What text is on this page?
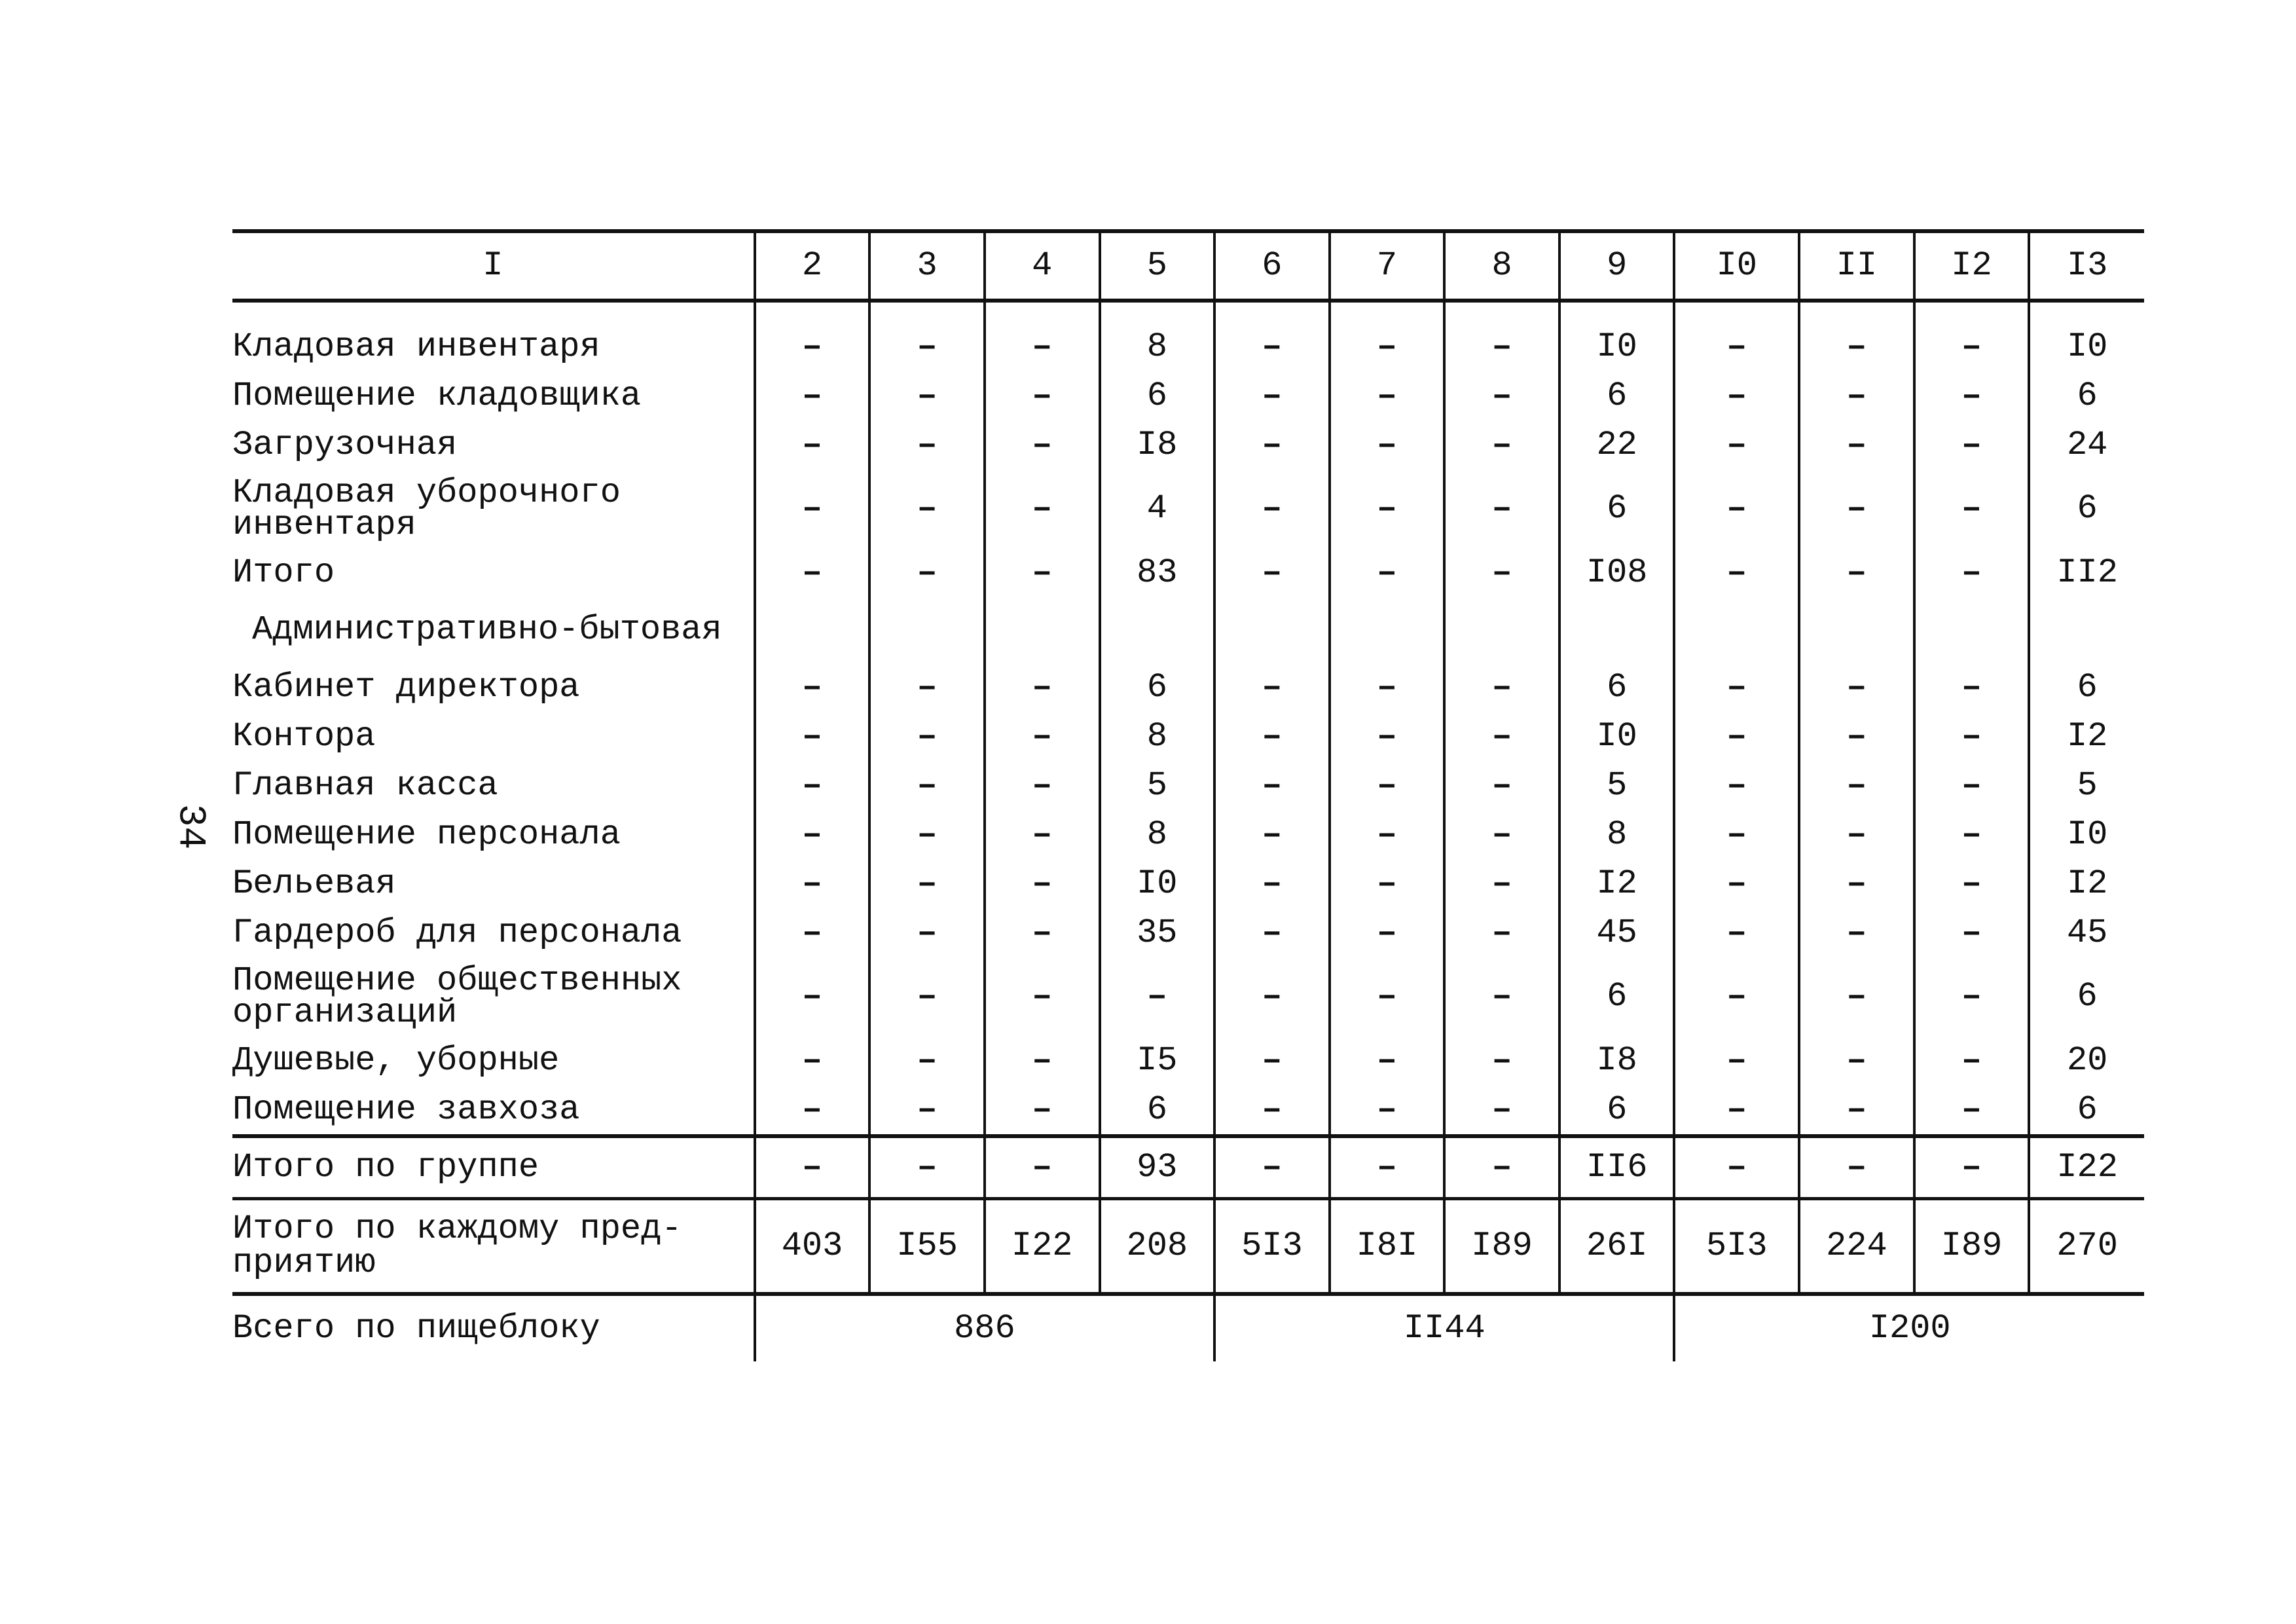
34
I	2	3	4	5	6	7	8	9	I0	II	I2	I3

Кладовая инвентаря	–	–	–	8	–	–	–	I0	–	–	–	I0

Помещение кладовщика	–	–	–	6	–	–	–	6	–	–	–	6

Загрузочная	–	–	–	I8	–	–	–	22	–	–	–	24

Кладовая уборочного
инвентаря	–	–	–	4	–	–	–	6	–	–	–	6

Итого	–	–	–	83	–	–	–	I08	–	–	–	II2
Административно-бытовая												

Кабинет директора	–	–	–	6	–	–	–	6	–	–	–	6

Контора	–	–	–	8	–	–	–	I0	–	–	–	I2

Главная касса	–	–	–	5	–	–	–	5	–	–	–	5

Помещение персонала	–	–	–	8	–	–	–	8	–	–	–	I0

Бельевая	–	–	–	I0	–	–	–	I2	–	–	–	I2

Гардероб для персонала	–	–	–	35	–	–	–	45	–	–	–	45

Помещение общественных
организаций	–	–	–	–	–	–	–	6	–	–	–	6

Душевые, уборные	–	–	–	I5	–	–	–	I8	–	–	–	20

Помещение завхоза	–	–	–	6	–	–	–	6	–	–	–	6

Итого по группе	–	–	–	93	–	–	–	II6	–	–	–	I22

Итого по каждому пред-
приятию	403	I55	I22	208	5I3	I8I	I89	26I	5I3	224	I89	270
Всего по пищеблоку	886				II44				I200			
